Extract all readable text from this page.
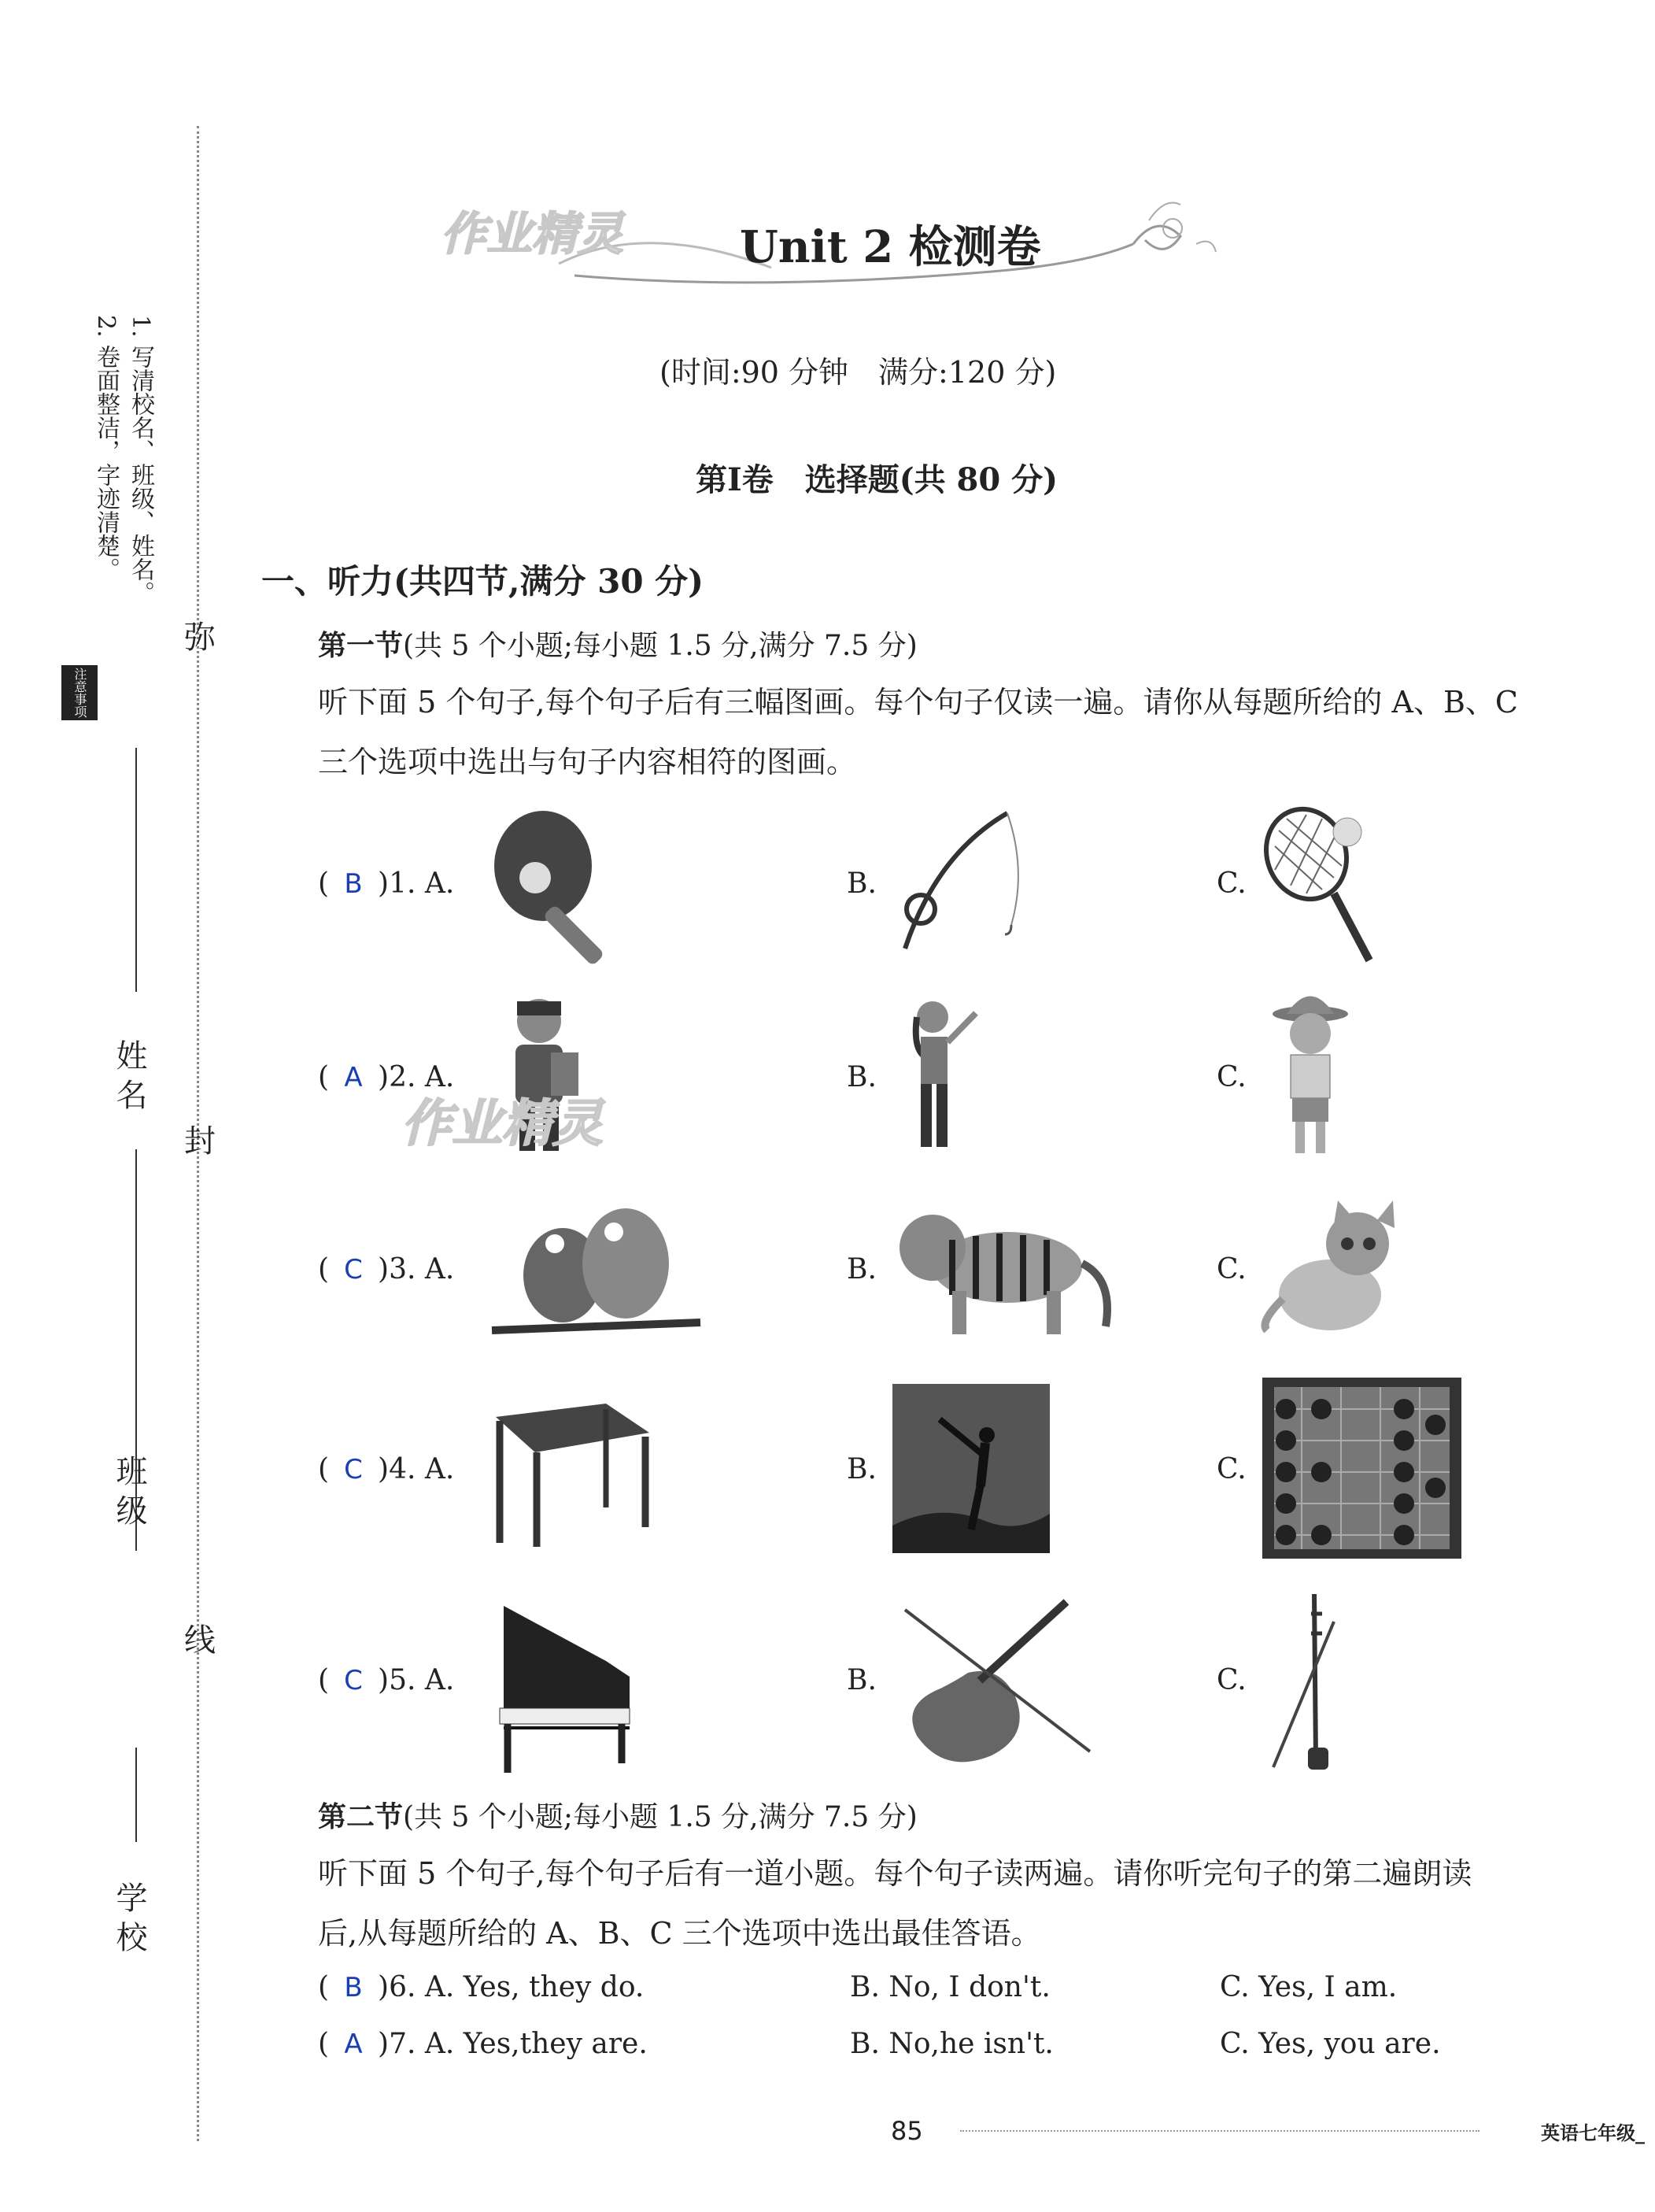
注意事项
1. 写清校名、班级、姓名。
2. 卷面整洁，字迹清楚。
弥
封
线
姓名
班级
学校
作业精灵	Unit 2 检测卷
(时间:90 分钟　满分:120 分)
第Ⅰ卷　选择题(共 80 分)
一、听力(共四节,满分 30 分)
第一节(共 5 个小题;每小题 1.5 分,满分 7.5 分)
听下面 5 个句子,每个句子后有三幅图画。每个句子仅读一遍。请你从每题所给的 A、B、C
三个选项中选出与句子内容相符的图画。
( B )1. A.	B.	C.
( A )2. A.	B.	C.
作业精灵
( C )3. A.	B.	C.
( C )4. A.	B.	C.
( C )5. A.	B.	C.
第二节(共 5 个小题;每小题 1.5 分,满分 7.5 分)
听下面 5 个句子,每个句子后有一道小题。每个句子读两遍。请你听完句子的第二遍朗读
后,从每题所给的 A、B、C 三个选项中选出最佳答语。
( B )6. A. Yes, they do.	B. No, I don't.	C. Yes, I am.
( A )7. A. Yes,they are.	B. No,he isn't.	C. Yes, you are.
85	英语七年级_
